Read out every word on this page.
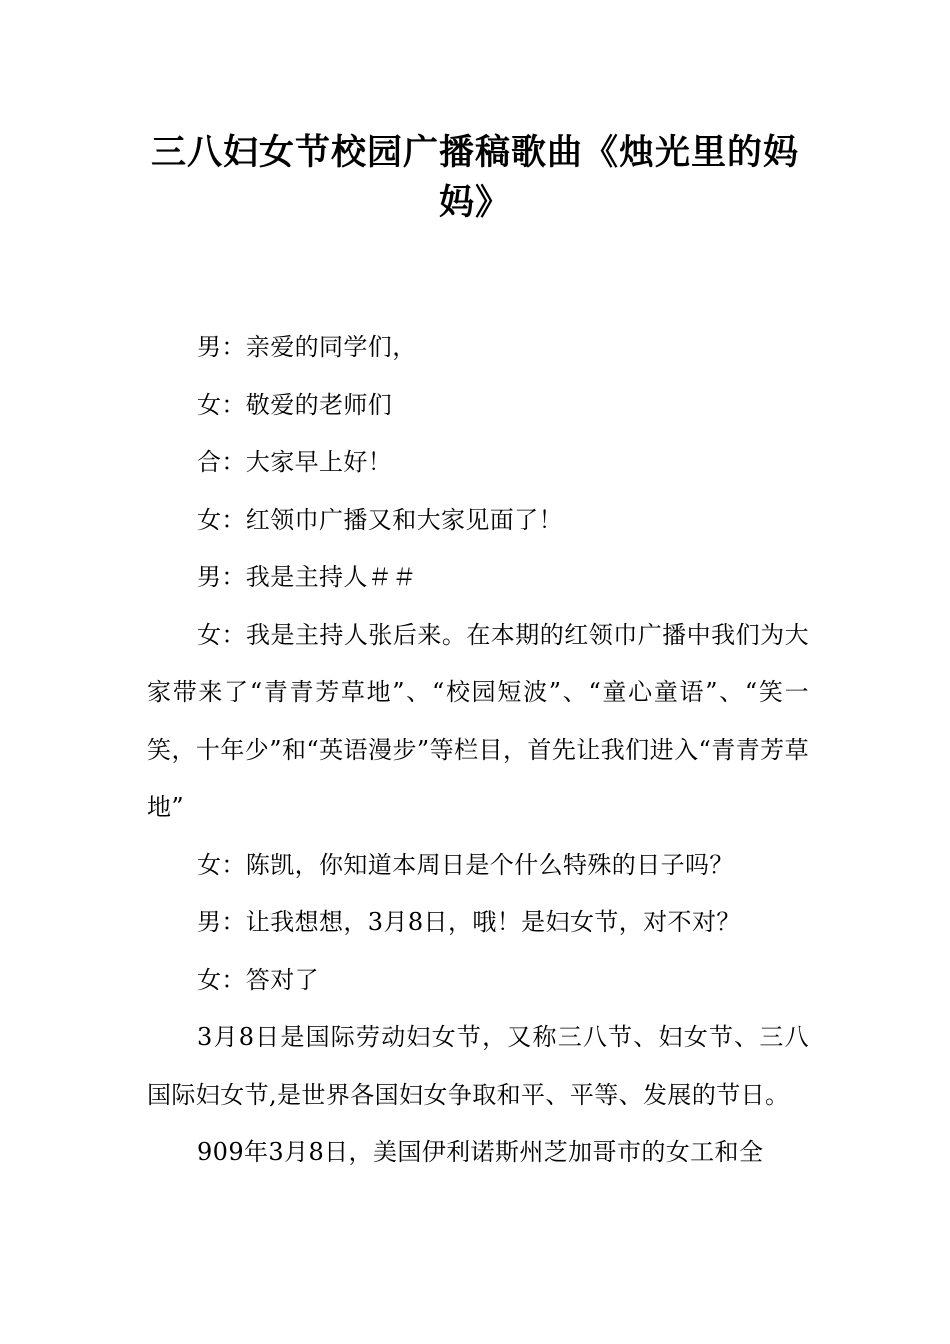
三八妇女节校园广播稿歌曲《烛光里的妈妈》

男：亲爱的同学们，

女：敬爱的老师们

合：大家早上好！

女：红领巾广播又和大家见面了！

男：我是主持人＃＃

女：我是主持人张后来。在本期的红领巾广播中我们为大家带来了“青青芳草地”、“校园短波”、“童心童语”、“笑一笑，十年少”和“英语漫步”等栏目，首先让我们进入“青青芳草地”

女：陈凯，你知道本周日是个什么特殊的日子吗？

男：让我想想，3月8日，哦！是妇女节，对不对？

女：答对了

3月8日是国际劳动妇女节，又称三八节、妇女节、三八国际妇女节,是世界各国妇女争取和平、平等、发展的节日。

909年3月8日，美国伊利诺斯州芝加哥市的女工和全
